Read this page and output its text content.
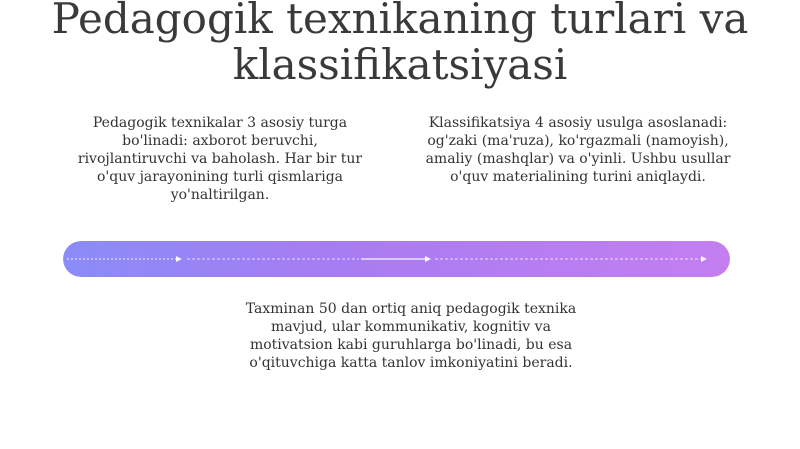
Pedagogik texnikaning turlari va klassifikatsiyasi
Pedagogik texnikalar 3 asosiy turga bo'linadi: axborot beruvchi, rivojlantiruvchi va baholash. Har bir tur o'quv jarayonining turli qismlariga yo'naltirilgan.
Klassifikatsiya 4 asosiy usulga asoslanadi: og'zaki (ma'ruza), ko'rgazmali (namoyish), amaliy (mashqlar) va o'yinli. Ushbu usullar o'quv materialining turini aniqlaydi.
Taxminan 50 dan ortiq aniq pedagogik texnika mavjud, ular kommunikativ, kognitiv va motivatsion kabi guruhlarga bo'linadi, bu esa o'qituvchiga katta tanlov imkoniyatini beradi.
